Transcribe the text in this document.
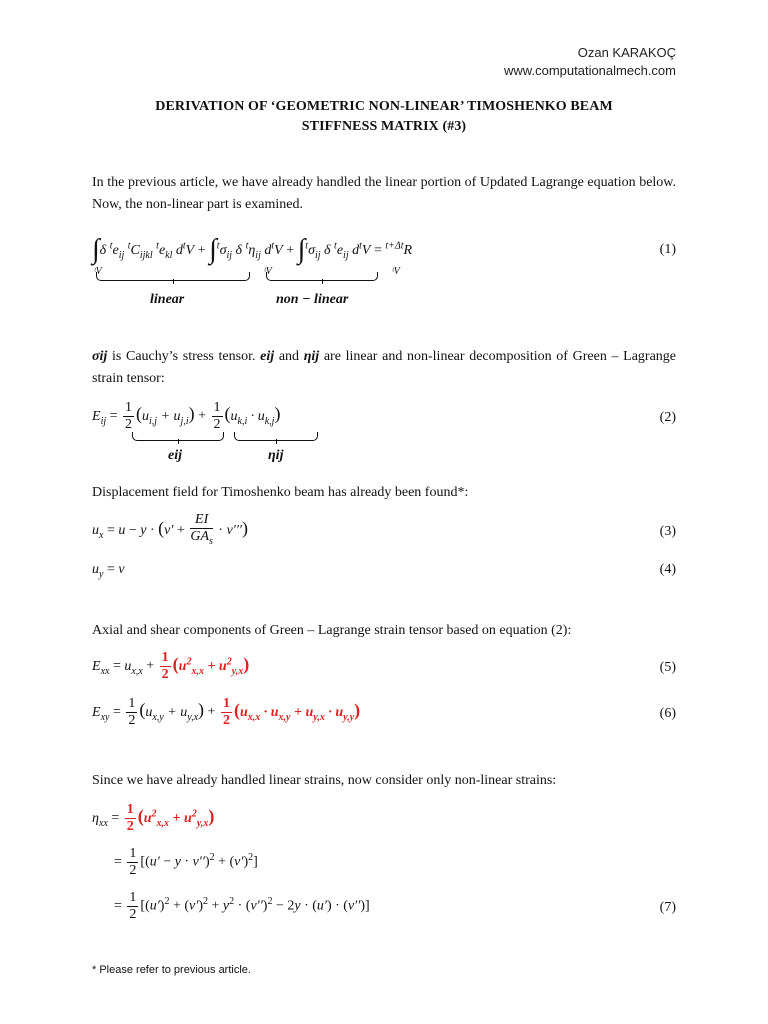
Ozan KARAKOÇ
www.computationalmech.com
DERIVATION OF ‘GEOMETRIC NON-LINEAR’ TIMOSHENKO BEAM
STIFFNESS MATRIX (#3)
In the previous article, we have already handled the linear portion of Updated Lagrange equation below. Now, the non-linear part is examined.
∫δ $^te_{ij}$ $^tC_{ijkl}$ $^te_{kl}$ $d^tV + \int^t\sigma_{ij}$ δ $^t\eta_{ij}$ $d^tV + \int^t\sigma_{ij}$ δ $^te_{ij}$ $d^tV = ^{t+\Delta t}R$
ᵗV	ᵗV	ᵗV
linear	non − linear
(1)
σij is Cauchy’s stress tensor. eij and ηij are linear and non-linear decomposition of Green – Lagrange strain tensor:
$E_{ij} = \frac{1}{2} (u_{i,j} + u_{j,i}) + \frac{1}{2} (u_{k,i} \cdot u_{k,j})$
eij	ηij
(2)
Displacement field for Timoshenko beam has already been found*:
$u_x = u - y \cdot (v' + \frac{EI}{GA_s} \cdot v''')$	(3)
$u_y = v$	(4)
Axial and shear components of Green – Lagrange strain tensor based on equation (2):
$E_{xx} = u_{x,x} + \frac{1}{2} (u^2_{x,x} + u^2_{y,x})$	(5)
$E_{xy} = \frac{1}{2} (u_{x,y} + u_{y,x}) + \frac{1}{2} (u_{x,x} \cdot u_{x,y} + u_{y,x} \cdot u_{y,y})$	(6)
Since we have already handled linear strains, now consider only non-linear strains:
$\eta_{xx} = \frac{1}{2} (u^2_{x,x} + u^2_{y,x})$
= $\frac{1}{2} [(u' - y \cdot v'')^2 + (v')^2]$
= $\frac{1}{2} [(u')^2 + (v')^2 + y^2 \cdot (v'')^2 - 2y \cdot (u') \cdot (v'')]$	(7)
* Please refer to previous article.
